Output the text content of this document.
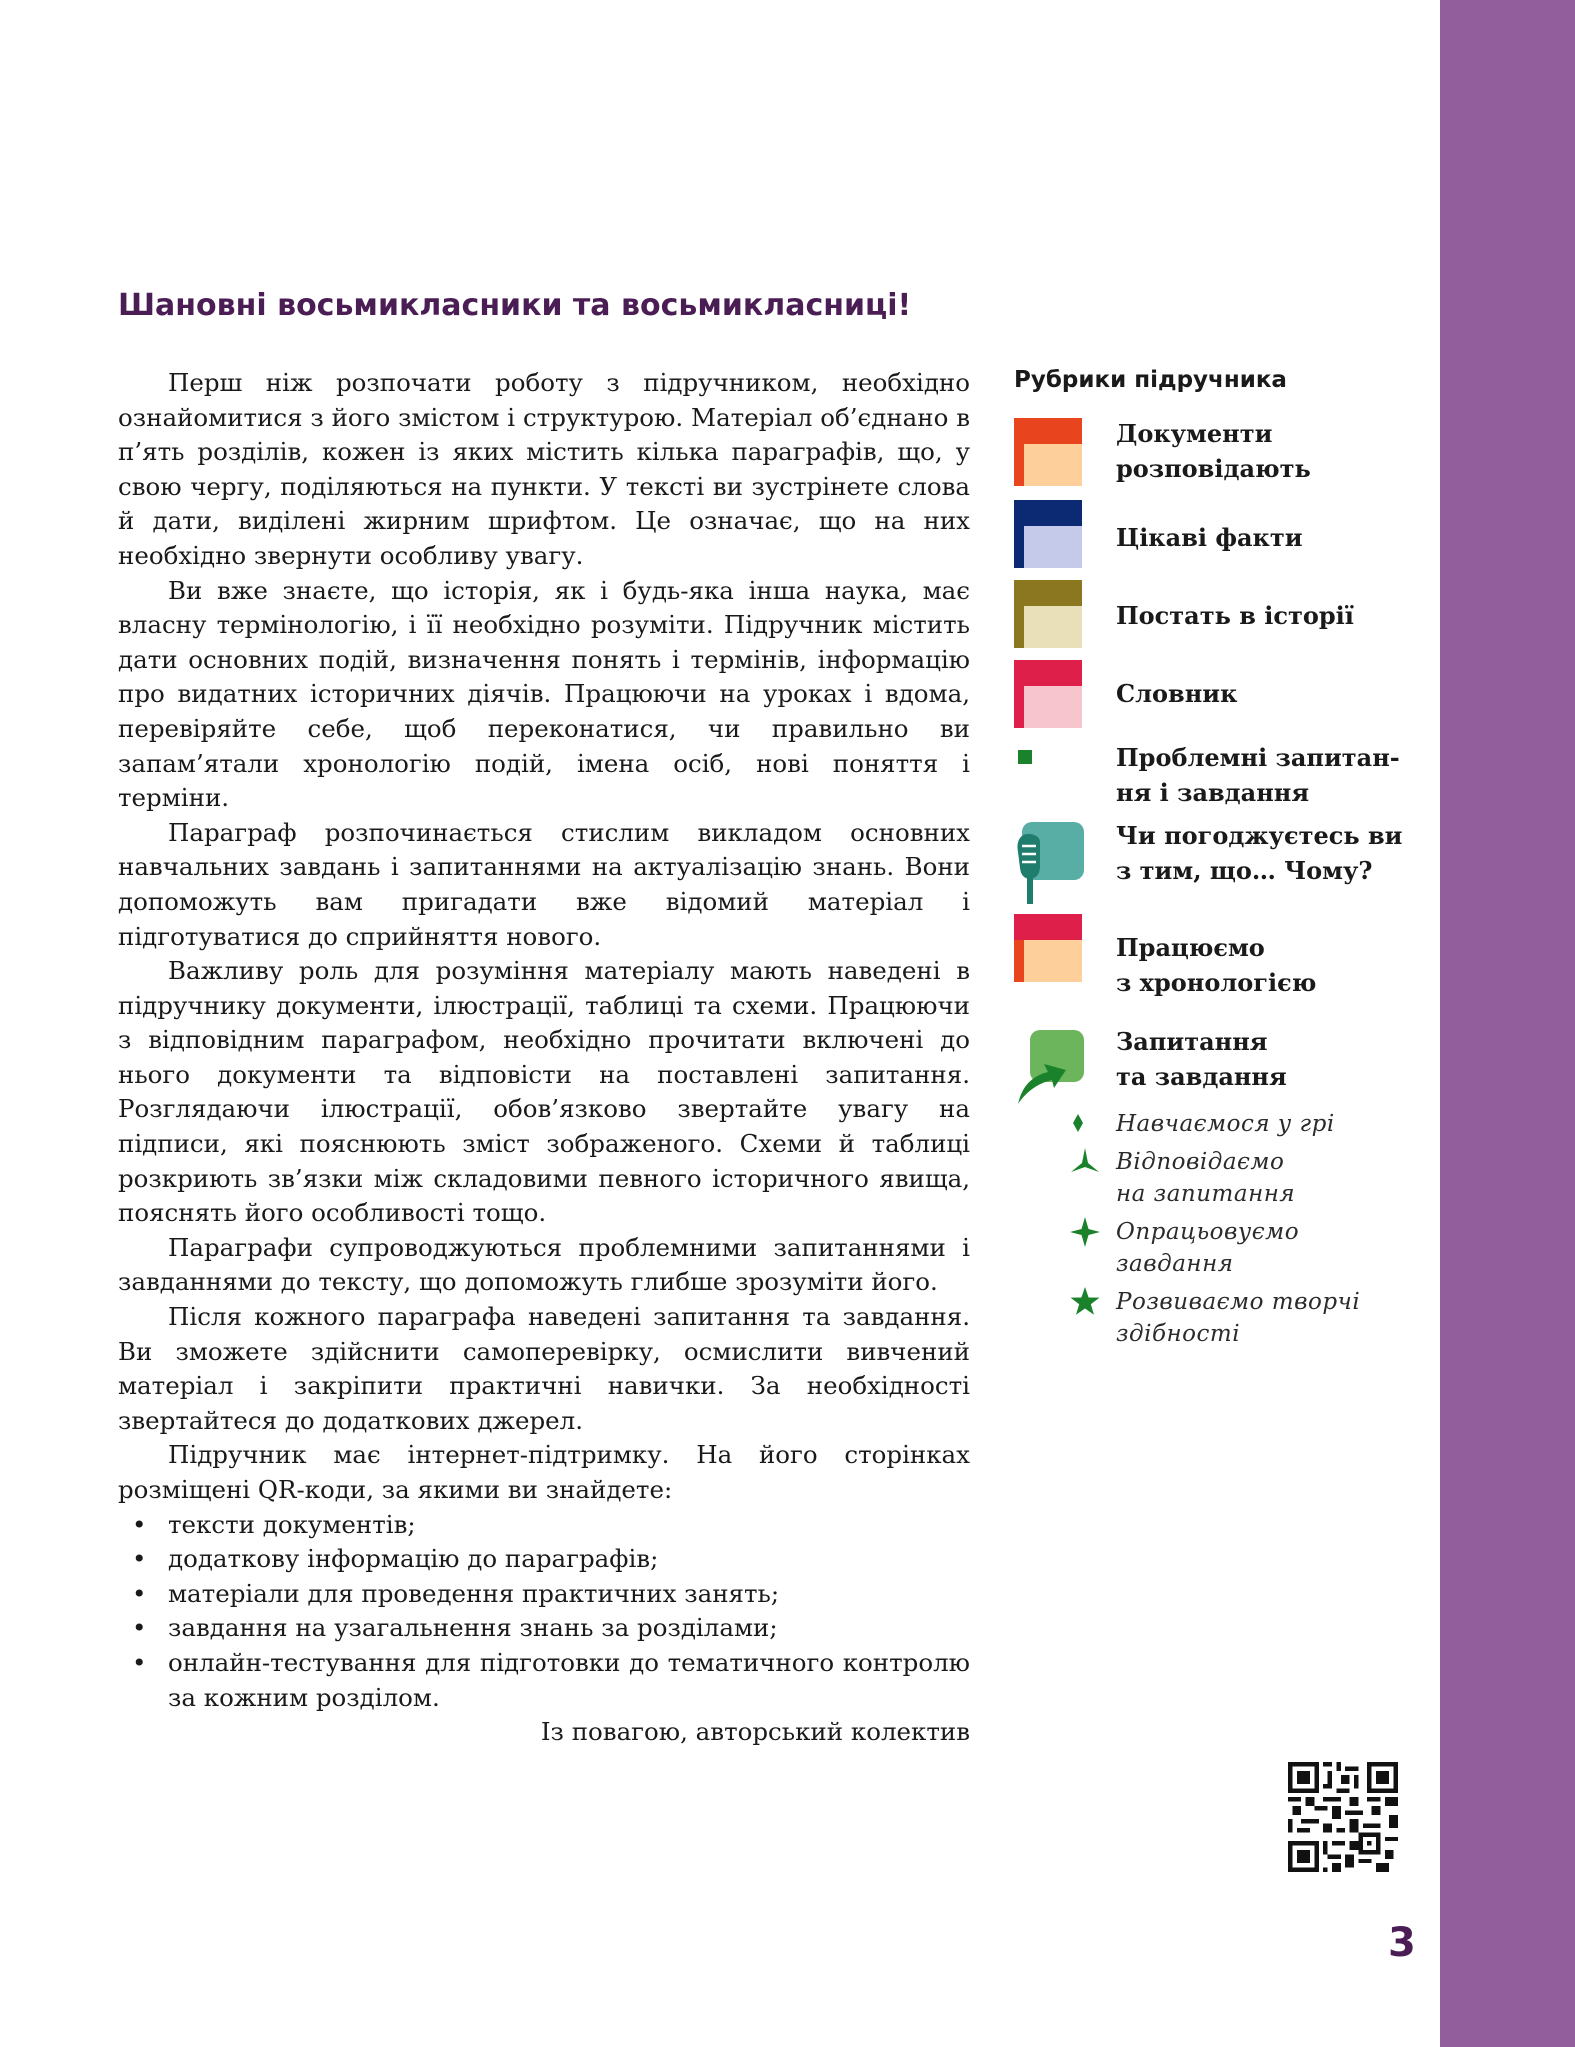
Шановні восьмикласники та восьмикласниці!

Перш ніж розпочати роботу з підручником, необхідно ознайомитися з його змістом і структурою. Матеріал об’єднано в п’ять розділів, кожен із яких містить кілька параграфів, що, у свою чергу, поділяються на пункти. У тексті ви зустрінете слова й дати, виділені жирним шрифтом. Це означає, що на них необхідно звернути особливу увагу.

Ви вже знаєте, що історія, як і будь-яка інша наука, має власну термінологію, і її необхідно розуміти. Підручник містить дати основних подій, визначення понять і термінів, інформацію про видатних історичних діячів. Працюючи на уроках і вдома, перевіряйте себе, щоб переконатися, чи правильно ви запам’ятали хронологію подій, імена осіб, нові поняття і терміни.

Параграф розпочинається стислим викладом основних навчальних завдань і запитаннями на актуалізацію знань. Вони допоможуть вам пригадати вже відомий матеріал і підготуватися до сприйняття нового.

Важливу роль для розуміння матеріалу мають наведені в підручнику документи, ілюстрації, таблиці та схеми. Працюючи з відповідним параграфом, необхідно прочитати включені до нього документи та відповісти на поставлені запитання. Розглядаючи ілюстрації, обов’язково звертайте увагу на підписи, які пояснюють зміст зображеного. Схеми й таблиці розкриють зв’язки між складовими певного історичного явища, пояснять його особливості тощо.

Параграфи супроводжуються проблемними запитаннями і завданнями до тексту, що допоможуть глибше зрозуміти його.

Після кожного параграфа наведені запитання та завдання. Ви зможете здійснити самоперевірку, осмислити вивчений матеріал і закріпити практичні навички. За необхідності звертайтеся до додаткових джерел.

Підручник має інтернет-підтримку. На його сторінках розміщені QR-коди, за якими ви знайдете:

• тексти документів;
• додаткову інформацію до параграфів;
• матеріали для проведення практичних занять;
• завдання на узагальнення знань за розділами;
• онлайн-тестування для підготовки до тематичного контролю за кожним розділом.

Із повагою, авторський колектив

Рубрики підручника
Документи
розповідають
Цікаві факти
Постать в історії
Словник
Проблемні запитан-
ня і завдання
Чи погоджуєтесь ви
з тим, що… Чому?
Працюємо
з хронологією
Запитання
та завдання
Навчаємося у грі
Відповідаємо
на запитання
Опрацьовуємо
завдання
Розвиваємо творчі
здібності
3
